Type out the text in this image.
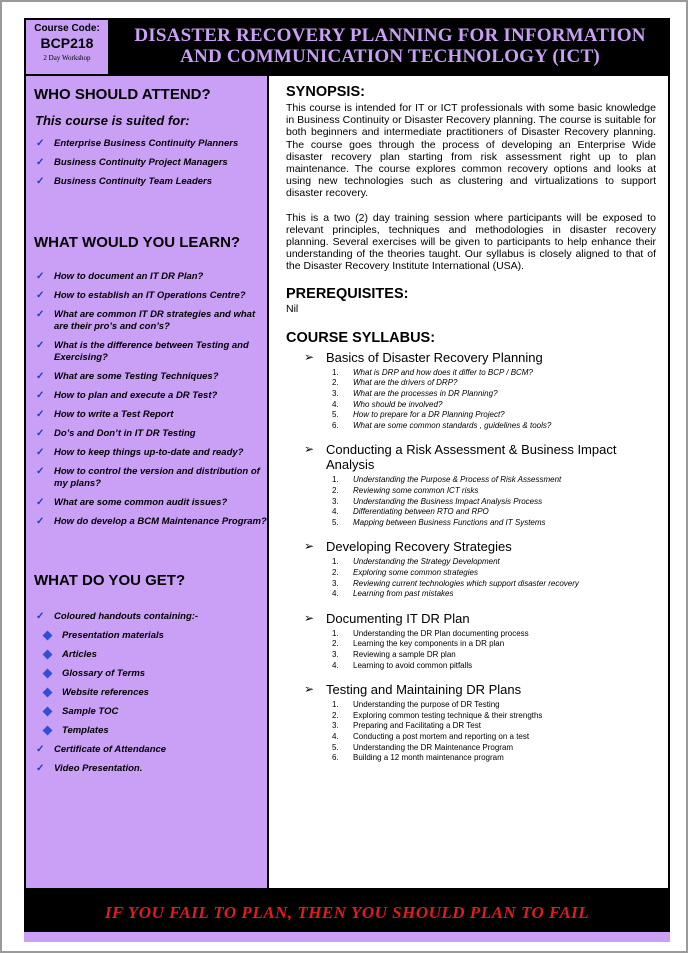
Course Code:
BCP218
2 Day Workshop
DISASTER RECOVERY PLANNING FOR INFORMATION
AND COMMUNICATION TECHNOLOGY (ICT)
WHO SHOULD ATTEND?
This course is suited for:
✓ Enterprise Business Continuity Planners
✓ Business Continuity Project Managers
✓ Business Continuity Team Leaders
WHAT WOULD YOU LEARN?
✓ How to document an IT DR Plan?
✓ How to establish an IT Operations Centre?
✓ What are common IT DR strategies and what are their pro’s and con’s?
✓ What is the difference between Testing and Exercising?
✓ What are some Testing Techniques?
✓ How to plan and execute a DR Test?
✓ How to write a Test Report
✓ Do’s and Don’t in IT DR Testing
✓ How to keep things up-to-date and ready?
✓ How to control the version and distribution of my plans?
✓ What are some common audit issues?
✓ How do develop a BCM Maintenance Program?
WHAT DO YOU GET?
✓ Coloured handouts containing:-
Presentation materials
Articles
Glossary of Terms
Website references
Sample TOC
Templates
✓ Certificate of Attendance
✓ Video Presentation.
SYNOPSIS:

This course is intended for IT or ICT professionals with some basic knowledge in Business Continuity or Disaster Recovery planning. The course is suitable for both beginners and intermediate practitioners of Disaster Recovery planning. The course goes through the process of developing an Enterprise Wide disaster recovery plan starting from risk assessment right up to plan maintenance. The course explores common recovery options and looks at using new technologies such as clustering and virtualizations to support disaster recovery.

This is a two (2) day training session where participants will be exposed to relevant principles, techniques and methodologies in disaster recovery planning. Several exercises will be given to participants to help enhance their understanding of the theories taught. Our syllabus is closely aligned to that of the Disaster Recovery Institute International (USA).

PREREQUISITES:
Nil
COURSE SYLLABUS:
➢ Basics of Disaster Recovery Planning
1. What is DRP and how does it differ to BCP / BCM?
2. What are the drivers of DRP?
3. What are the processes in DR Planning?
4. Who should be involved?
5. How to prepare for a DR Planning Project?
6. What are some common standards , guidelines & tools?
➢ Conducting a Risk Assessment & Business Impact Analysis
1. Understanding the Purpose & Process of Risk Assessment
2. Reviewing some common ICT risks
3. Understanding the Business Impact Analysis Process
4. Differentiating between RTO and RPO
5. Mapping between Business Functions and IT Systems
➢ Developing Recovery Strategies
1. Understanding the Strategy Development
2. Exploring some common strategies
3. Reviewing current technologies which support disaster recovery
4. Learning from past mistakes
➢ Documenting IT DR Plan
1. Understanding the DR Plan documenting process
2. Learning the key components in a DR plan
3. Reviewing a sample DR plan
4. Learning to avoid common pitfalls
➢ Testing and Maintaining DR Plans
1. Understanding the purpose of DR Testing
2. Exploring common testing technique & their strengths
3. Preparing and Facilitating a DR Test
4. Conducting a post mortem and reporting on a test
5. Understanding the DR Maintenance Program
6. Building a 12 month maintenance program
IF YOU FAIL TO PLAN, THEN YOU SHOULD PLAN TO FAIL
